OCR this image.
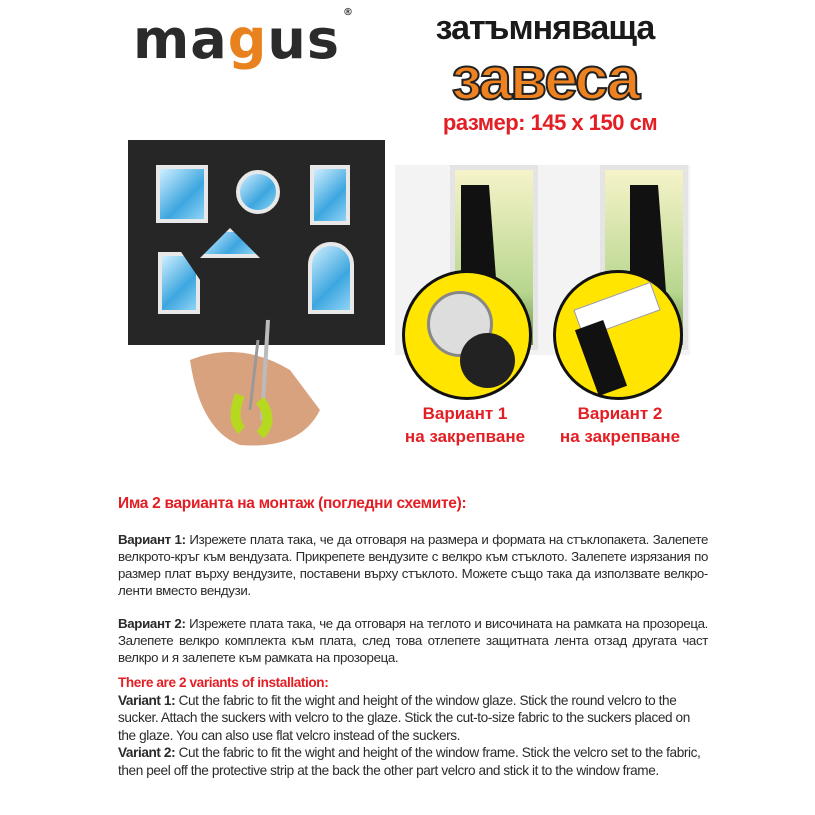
magus ®	затъмняваща
завеса
размер: 145 x 150 см
Вариант 1
на закрепване
Вариант 2
на закрепване
Има 2 варианта на монтаж (погледни схемите):
Вариант 1: Изрежете плата така, че да отговаря на размера и формата на стъклопакета. Залепете велкрото-кръг към вендузата. Прикрепете вендузите с велкро към стъклото. Залепете изрязания по размер плат върху вендузите, поставени върху стъклото. Можете също така да използвате велкро-ленти вместо вендузи.
Вариант 2: Изрежете плата така, че да отговаря на теглото и височината на рамката на прозореца. Залепете велкро комплекта към плата, след това отлепете защитната лента отзад другата част велкро и я залепете към рамката на прозореца.
There are 2 variants of installation:
Variant 1: Cut the fabric to fit the wight and height of the window glaze. Stick the round velcro to the sucker. Attach the suckers with velcro to the glaze. Stick the cut-to-size fabric to the suckers placed on the glaze. You can also use flat velcro instead of the suckers.
Variant 2: Cut the fabric to fit the wight and height of the window frame. Stick the velcro set to the fabric, then peel off the protective strip at the back the other part velcro and stick it to the window frame.
